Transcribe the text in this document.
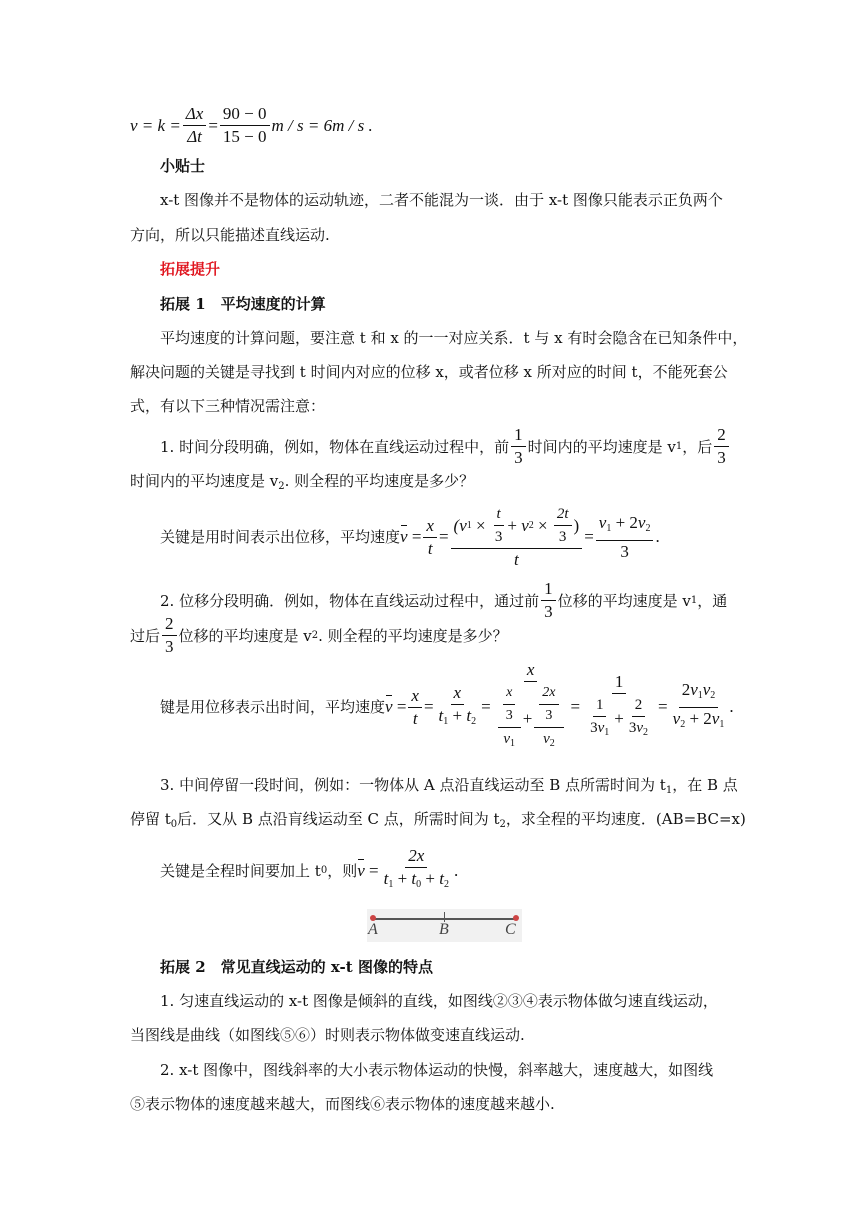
$v = k = \frac{\Delta x}{\Delta t} = \frac{90 - 0}{15 - 0}$ m / s = 6m / s .
小贴士
x-t 图像并不是物体的运动轨迹，二者不能混为一谈．由于 x-t 图像只能表示正负两个
方向，所以只能描述直线运动.
拓展提升
拓展 1　平均速度的计算
平均速度的计算问题，要注意 t 和 x 的一一对应关系．t 与 x 有时会隐含在已知条件中，
解决问题的关键是寻找到 t 时间内对应的位移 x，或者位移 x 所对应的时间 t，不能死套公
式，有以下三种情况需注意：
1. 时间分段明确，例如，物体在直线运动过程中，前 $\frac{1}{3}$ 时间内的平均速度是 v 1 ，后 $\frac{2}{3}$
时间内的平均速度是 $v_2$. 则全程的平均速度是多少？
关键是用时间表示出位移，平均速度 $v = \frac{x}{t} = \frac{(v 1 \times \frac{t}{3} + v 2 \times \frac{2t}{3} )}{t} = \frac{v_1 + 2v_2}{3}$ .
2. 位移分段明确．例如，物体在直线运动过程中，通过前 $\frac{1}{3}$ 位移的平均速度是 v 1 ，通
过后 $\frac{2}{3}$ 位移的平均速度是 v 2 . 则全程的平均速度是多少？
键是用位移表示出时间，平均速度 $v = \frac{x}{t} = \frac{x}{t_1 + t_2} = \frac{x}{\frac{\frac{x}{3}}{v_1} + \frac{\frac{2x}{3}}{v_2}} = \frac{1}{\frac{1}{3v_1} + \frac{2}{3v_2}} = \frac{2v_1v_2}{v_2 + 2v_1}$ .
3. 中间停留一段时间，例如：一物体从 A 点沿直线运动至 B 点所需时间为 $t_1$，在 B 点
停留 $t_0$后．又从 B 点沿肓线运动至 C 点，所需时间为 $t_2$，求全程的平均速度．(AB=BC=x)
关键是全程时间要加上 t 0 ，则 $v = \frac{2x}{t_1 + t_0 + t_2}$ .
A	B	C
拓展 2　常见直线运动的 x-t 图像的特点
1. 匀速直线运动的 x-t 图像是倾斜的直线，如图线②③④表示物体做匀速直线运动，
当图线是曲线（如图线⑤⑥）时则表示物体做变速直线运动.
2. x-t 图像中，图线斜率的大小表示物体运动的快慢，斜率越大，速度越大，如图线
⑤表示物体的速度越来越大，而图线⑥表示物体的速度越来越小.
